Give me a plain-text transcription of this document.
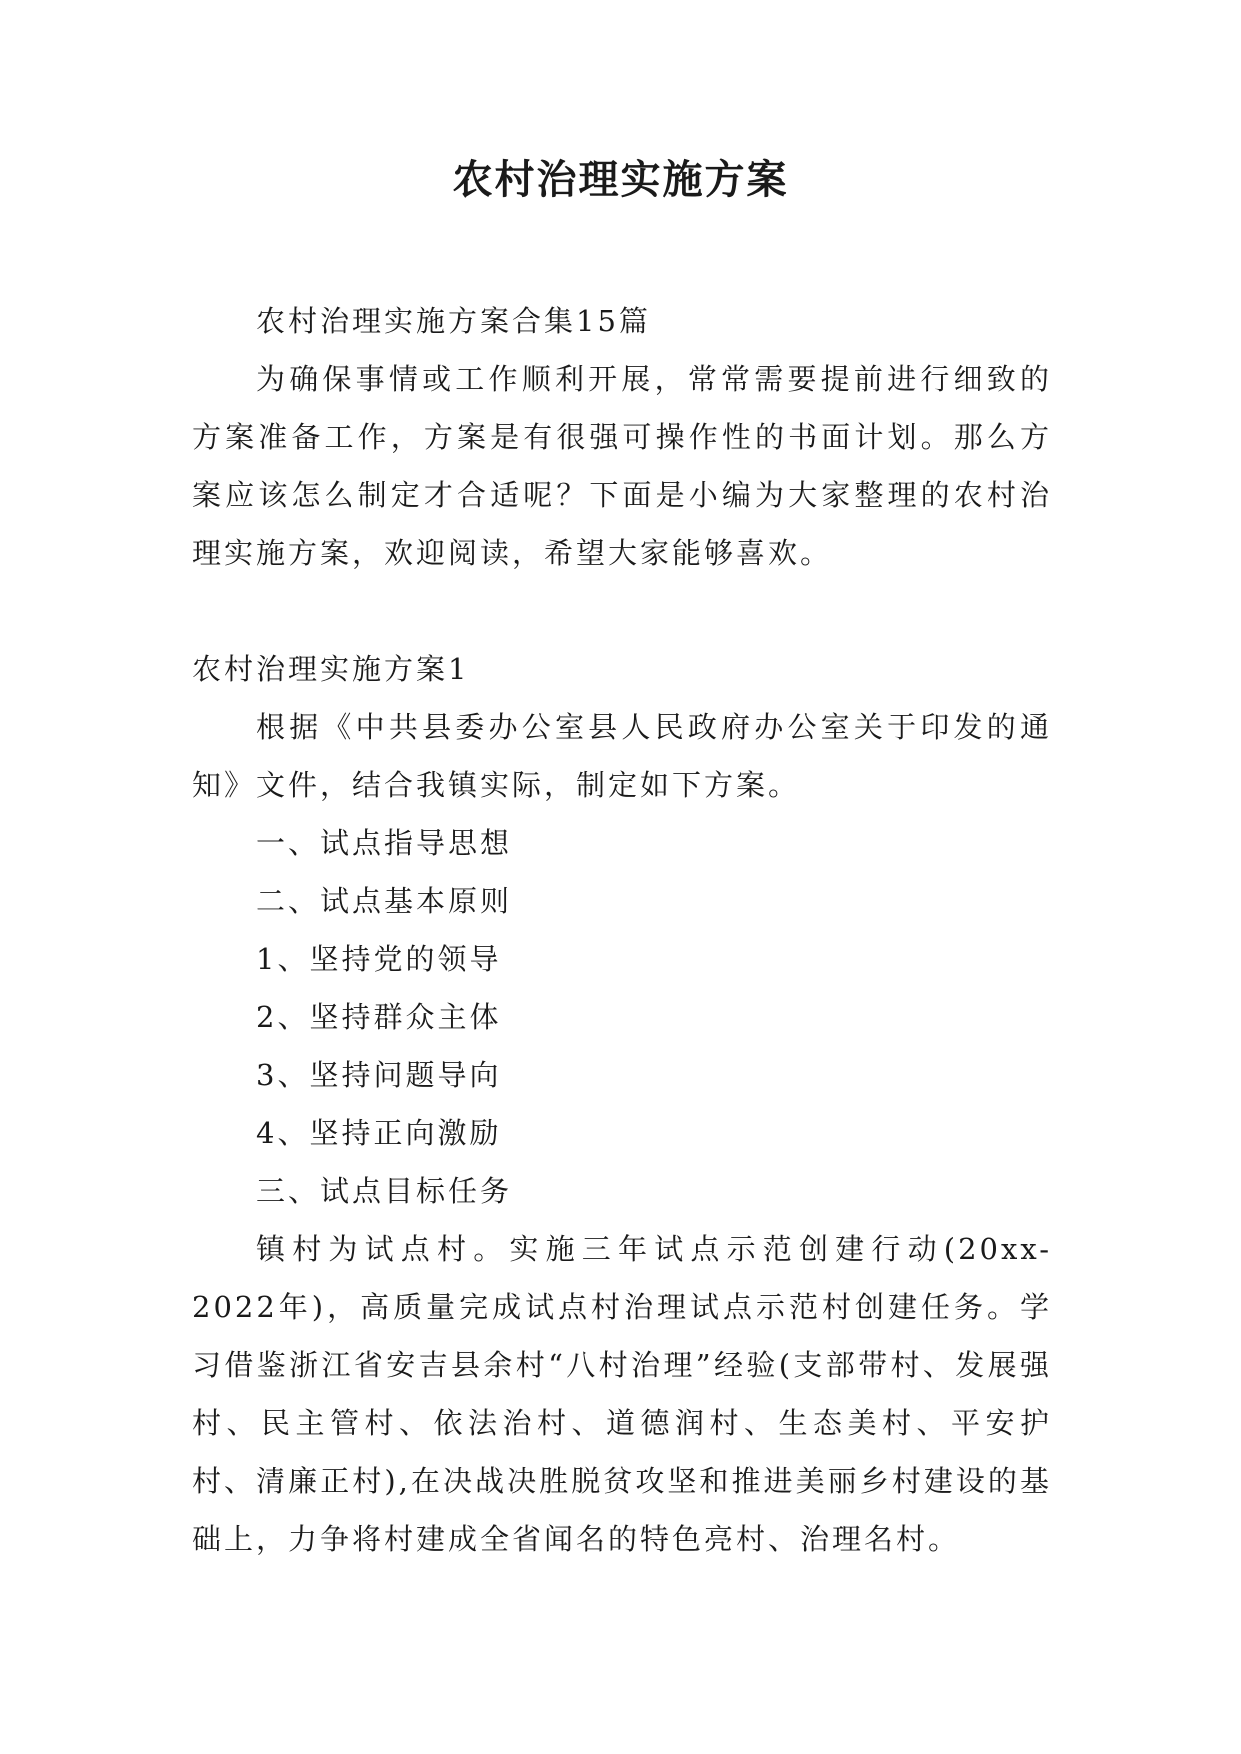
农村治理实施方案

农村治理实施方案合集15篇

为确保事情或工作顺利开展，常常需要提前进行细致的方案准备工作，方案是有很强可操作性的书面计划。那么方案应该怎么制定才合适呢？下面是小编为大家整理的农村治理实施方案，欢迎阅读，希望大家能够喜欢。

农村治理实施方案1

根据《中共县委办公室县人民政府办公室关于印发的通知》文件，结合我镇实际，制定如下方案。

一、试点指导思想

二、试点基本原则

1、坚持党的领导

2、坚持群众主体

3、坚持问题导向

4、坚持正向激励

三、试点目标任务

镇村为试点村。实施三年试点示范创建行动(20xx-2022年)，高质量完成试点村治理试点示范村创建任务。学习借鉴浙江省安吉县余村“八村治理”经验(支部带村、发展强村、民主管村、依法治村、道德润村、生态美村、平安护村、清廉正村),在决战决胜脱贫攻坚和推进美丽乡村建设的基础上，力争将村建成全省闻名的特色亮村、治理名村。
